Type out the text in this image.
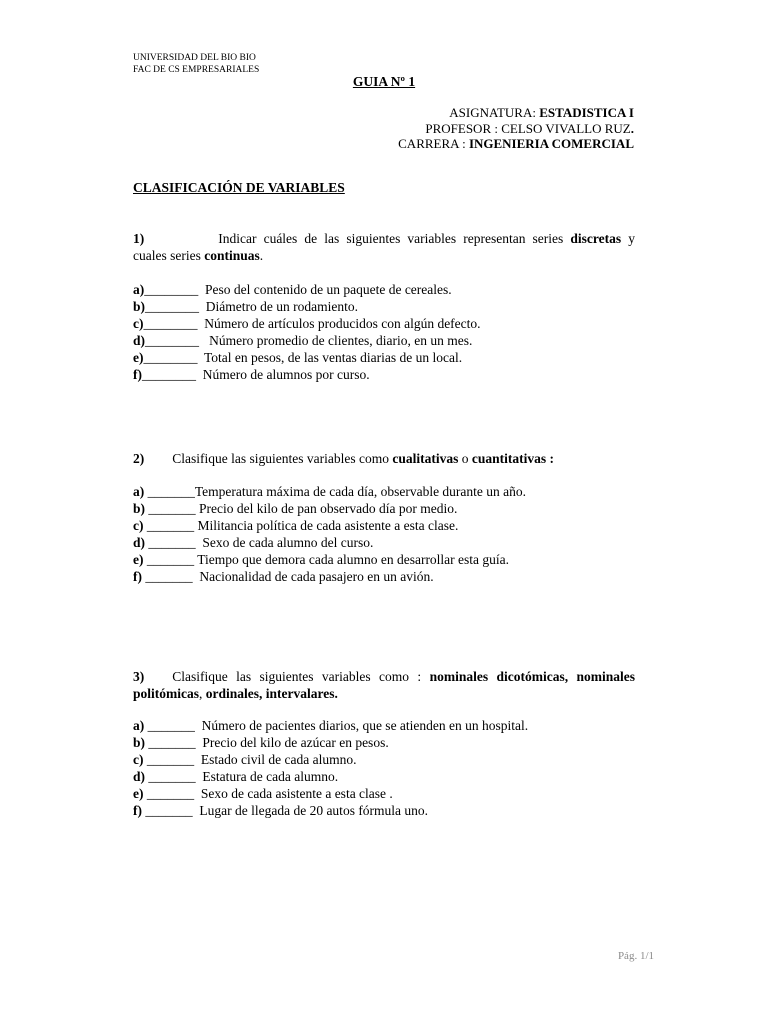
UNIVERSIDAD DEL BIO BIO
FAC DE CS EMPRESARIALES
GUIA Nº 1
ASIGNATURA: ESTADISTICA I
PROFESOR : CELSO VIVALLO RUZ.
CARRERA : INGENIERIA COMERCIAL
CLASIFICACIÓN DE VARIABLES
1)	Indicar cuáles de las siguientes variables representan series discretas y cuales series continuas.
a)________  Peso del contenido de un paquete de cereales.
b)________  Diámetro de un rodamiento.
c)________  Número de artículos producidos con algún defecto.
d)________   Número promedio de clientes, diario, en un mes.
e)________  Total en pesos, de las ventas diarias de un local.
f)________  Número de alumnos por curso.
2) Clasifique las siguientes variables como cualitativas o cuantitativas :
a) _______Temperatura máxima de cada día, observable durante un año.
b) _______ Precio del kilo de pan observado día por medio.
c) _______ Militancia política de cada asistente a esta clase.
d) _______  Sexo de cada alumno del curso.
e) _______ Tiempo que demora cada alumno en desarrollar esta guía.
f) _______  Nacionalidad de cada pasajero en un avión.
3) Clasifique las siguientes variables como : nominales dicotómicas, nominales politómicas, ordinales, intervalares.
a) _______  Número de pacientes diarios, que se atienden en un hospital.
b) _______  Precio del kilo de azúcar en pesos.
c) _______  Estado civil de cada alumno.
d) _______  Estatura de cada alumno.
e) _______  Sexo de cada asistente a esta clase .
f) _______  Lugar de llegada de 20 autos fórmula uno.
Pág. 1/1
